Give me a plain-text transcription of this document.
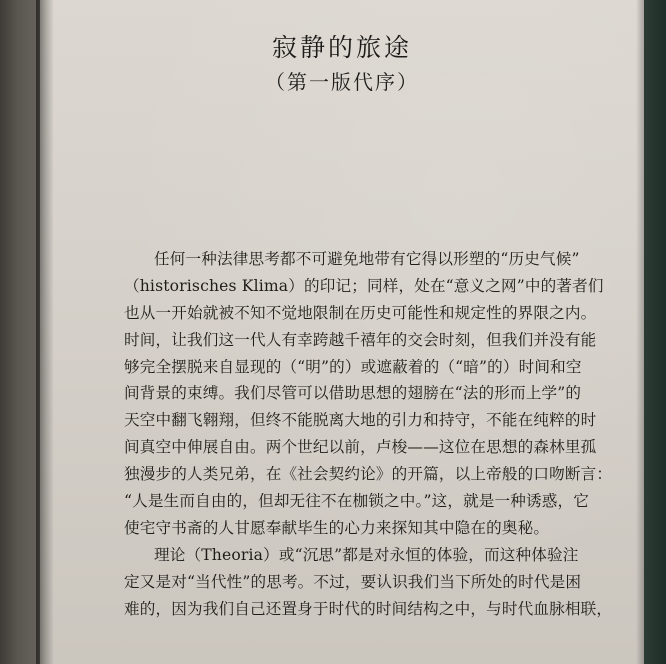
寂静的旅途
（第一版代序）
任何一种法律思考都不可避免地带有它得以形塑的“历史气候”
（historisches Klima）的印记；同样，处在“意义之网”中的著者们
也从一开始就被不知不觉地限制在历史可能性和规定性的界限之内。
时间，让我们这一代人有幸跨越千禧年的交会时刻，但我们并没有能
够完全摆脱来自显现的（“明”的）或遮蔽着的（“暗”的）时间和空
间背景的束缚。我们尽管可以借助思想的翅膀在“法的形而上学”的
天空中翻飞翱翔，但终不能脱离大地的引力和持守，不能在纯粹的时
间真空中伸展自由。两个世纪以前，卢梭——这位在思想的森林里孤
独漫步的人类兄弟，在《社会契约论》的开篇，以上帝般的口吻断言：
“人是生而自由的，但却无往不在枷锁之中。”这，就是一种诱惑，它
使宅守书斋的人甘愿奉献毕生的心力来探知其中隐在的奥秘。
理论（Theoria）或“沉思”都是对永恒的体验，而这种体验注
定又是对“当代性”的思考。不过，要认识我们当下所处的时代是困
难的，因为我们自己还置身于时代的时间结构之中，与时代血脉相联，
